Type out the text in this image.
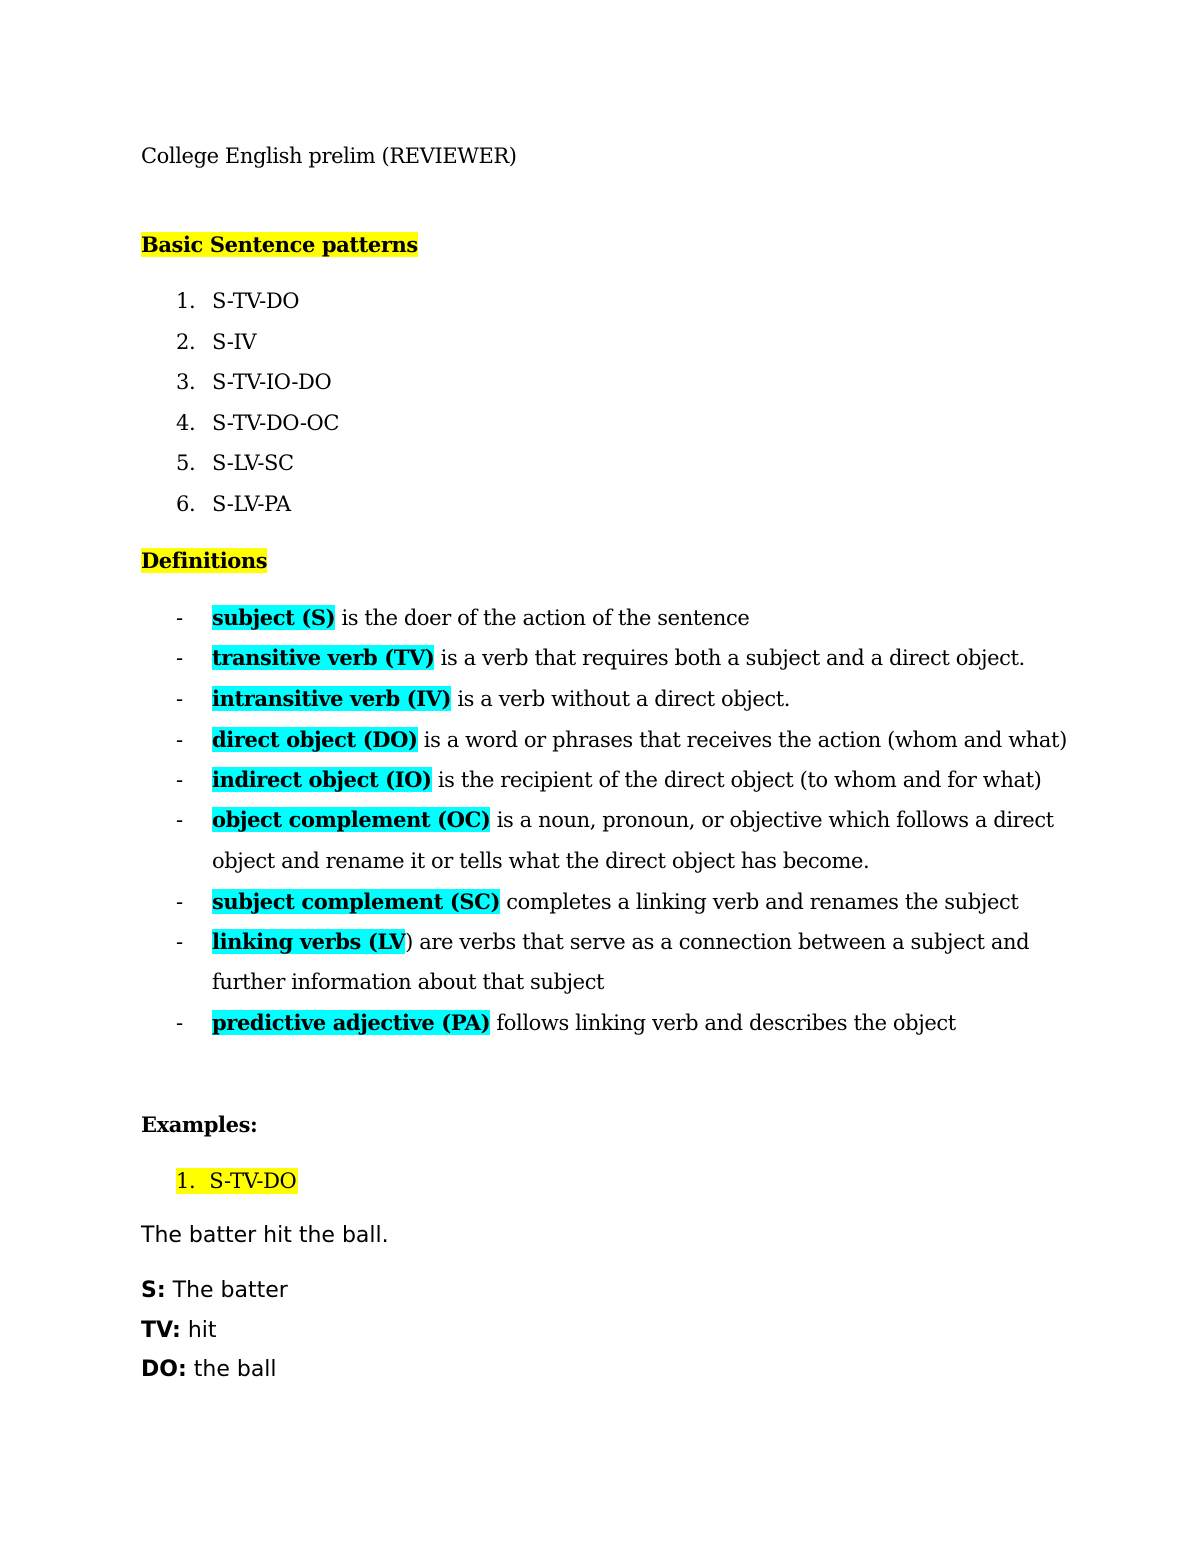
College English prelim (REVIEWER)
Basic Sentence patterns
1. S-TV-DO
2. S-IV
3. S-TV-IO-DO
4. S-TV-DO-OC
5. S-LV-SC
6. S-LV-PA
Definitions
- subject (S) is the doer of the action of the sentence
- transitive verb (TV) is a verb that requires both a subject and a direct object.
- intransitive verb (IV) is a verb without a direct object.
- direct object (DO) is a word or phrases that receives the action (whom and what)
- indirect object (IO) is the recipient of the direct object (to whom and for what)
- object complement (OC) is a noun, pronoun, or objective which follows a direct
object and rename it or tells what the direct object has become.
- subject complement (SC) completes a linking verb and renames the subject
- linking verbs (LV) are verbs that serve as a connection between a subject and
further information about that subject
- predictive adjective (PA) follows linking verb and describes the object
Examples:
1. S-TV-DO
The batter hit the ball.
S: The batter
TV: hit
DO: the ball
